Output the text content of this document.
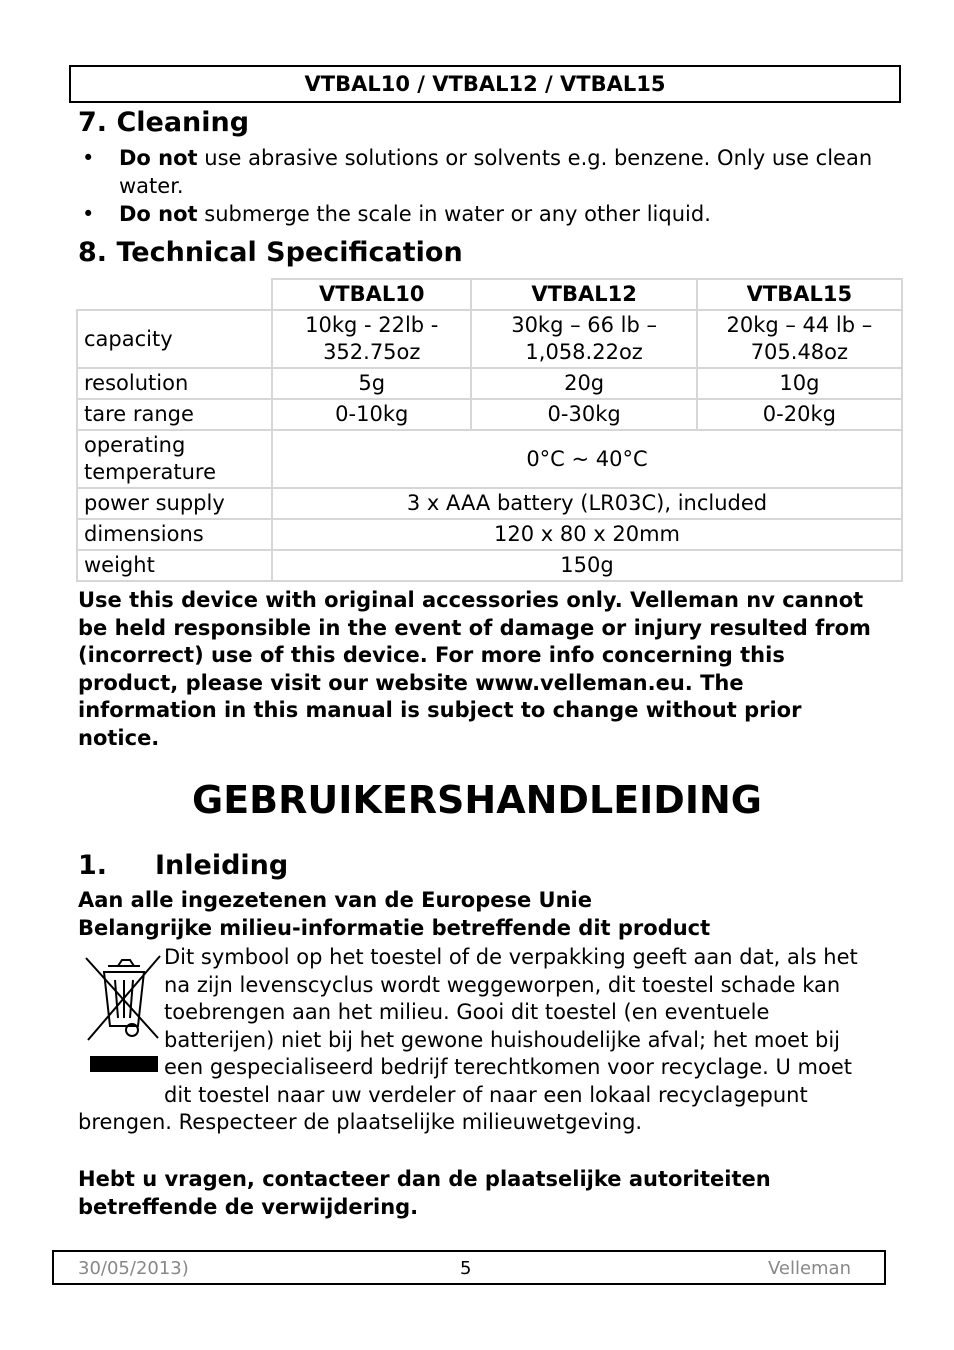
VTBAL10 / VTBAL12 / VTBAL15
7. Cleaning
• Do not use abrasive solutions or solvents e.g. benzene. Only use clean water.
• Do not submerge the scale in water or any other liquid.
8. Technical Specification
	VTBAL10	VTBAL12	VTBAL15
capacity	10kg - 22lb - 352.75oz	30kg – 66 lb – 1,058.22oz	20kg – 44 lb – 705.48oz
resolution	5g	20g	10g
tare range	0-10kg	0-30kg	0-20kg
operating temperature	0°C ~ 40°C		
power supply	3 x AAA battery (LR03C), included		
dimensions	120 x 80 x 20mm		
weight	150g		

Use this device with original accessories only. Velleman nv cannot be held responsible in the event of damage or injury resulted from (incorrect) use of this device. For more info concerning this product, please visit our website www.velleman.eu. The information in this manual is subject to change without prior notice.

GEBRUIKERSHANDLEIDING
1. Inleiding

Aan alle ingezetenen van de Europese Unie

Belangrijke milieu-informatie betreffende dit product

Dit symbool op het toestel of de verpakking geeft aan dat, als het na zijn levenscyclus wordt weggeworpen, dit toestel schade kan toebrengen aan het milieu. Gooi dit toestel (en eventuele batterijen) niet bij het gewone huishoudelijke afval; het moet bij een gespecialiseerd bedrijf terechtkomen voor recyclage. U moet dit toestel naar uw verdeler of naar een lokaal recyclagepunt brengen. Respecteer de plaatselijke milieuwetgeving.

Hebt u vragen, contacteer dan de plaatselijke autoriteiten betreffende de verwijdering.

30/05/2013)	5	Velleman
